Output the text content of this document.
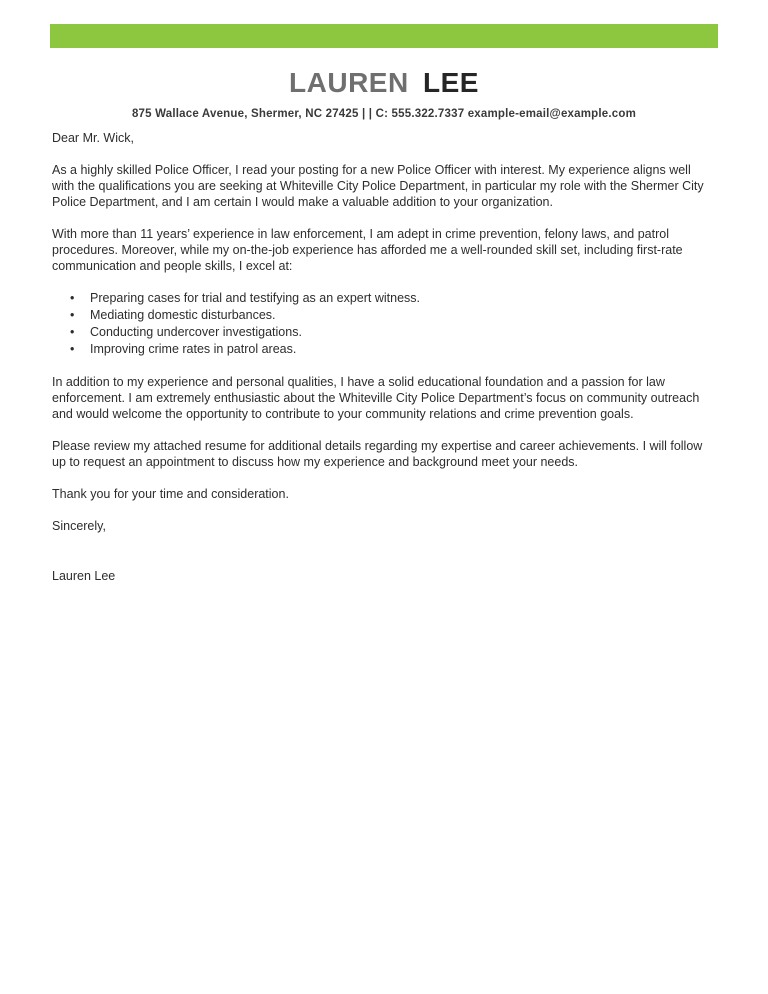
LAUREN LEE
875 Wallace Avenue, Shermer, NC 27425 | | C: 555.322.7337 example-email@example.com

Dear Mr. Wick,

As a highly skilled Police Officer, I read your posting for a new Police Officer with interest. My experience aligns well with the qualifications you are seeking at Whiteville City Police Department, in particular my role with the Shermer City Police Department, and I am certain I would make a valuable addition to your organization.

With more than 11 years’ experience in law enforcement, I am adept in crime prevention, felony laws, and patrol procedures. Moreover, while my on-the-job experience has afforded me a well-rounded skill set, including first-rate communication and people skills, I excel at:

• Preparing cases for trial and testifying as an expert witness.
• Mediating domestic disturbances.
• Conducting undercover investigations.
• Improving crime rates in patrol areas.

In addition to my experience and personal qualities, I have a solid educational foundation and a passion for law enforcement. I am extremely enthusiastic about the Whiteville City Police Department’s focus on community outreach and would welcome the opportunity to contribute to your community relations and crime prevention goals.

Please review my attached resume for additional details regarding my expertise and career achievements. I will follow up to request an appointment to discuss how my experience and background meet your needs.

Thank you for your time and consideration.

Sincerely,

Lauren Lee
